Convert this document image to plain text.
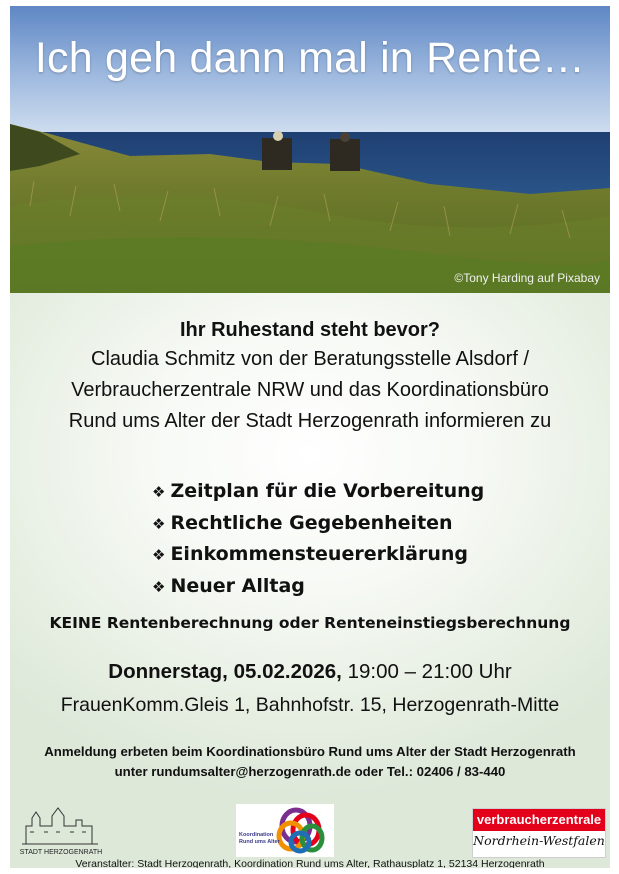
Ich geh dann mal in Rente…
©Tony Harding auf Pixabay

Ihr Ruhestand steht bevor?

Claudia Schmitz von der Beratungsstelle Alsdorf /

Verbraucherzentrale NRW und das Koordinationsbüro

Rund ums Alter der Stadt Herzogenrath informieren zu

❖ Zeitplan für die Vorbereitung
❖ Rechtliche Gegebenheiten
❖ Einkommensteuererklärung
❖ Neuer Alltag
KEINE Rentenberechnung oder Renteneinstiegsberechnung
Donnerstag, 05.02.2026, 19:00 – 21:00 Uhr
FrauenKomm.Gleis 1, Bahnhofstr. 15, Herzogenrath-Mitte
Anmeldung erbeten beim Koordinationsbüro Rund ums Alter der Stadt Herzogenrath
unter rundumsalter@herzogenrath.de oder Tel.: 02406 / 83-440
STADT HERZOGENRATH
Koordination
Rund ums Alter
verbraucherzentrale
Nordrhein-Westfalen
Veranstalter: Stadt Herzogenrath, Koordination Rund ums Alter, Rathausplatz 1, 52134 Herzogenrath
